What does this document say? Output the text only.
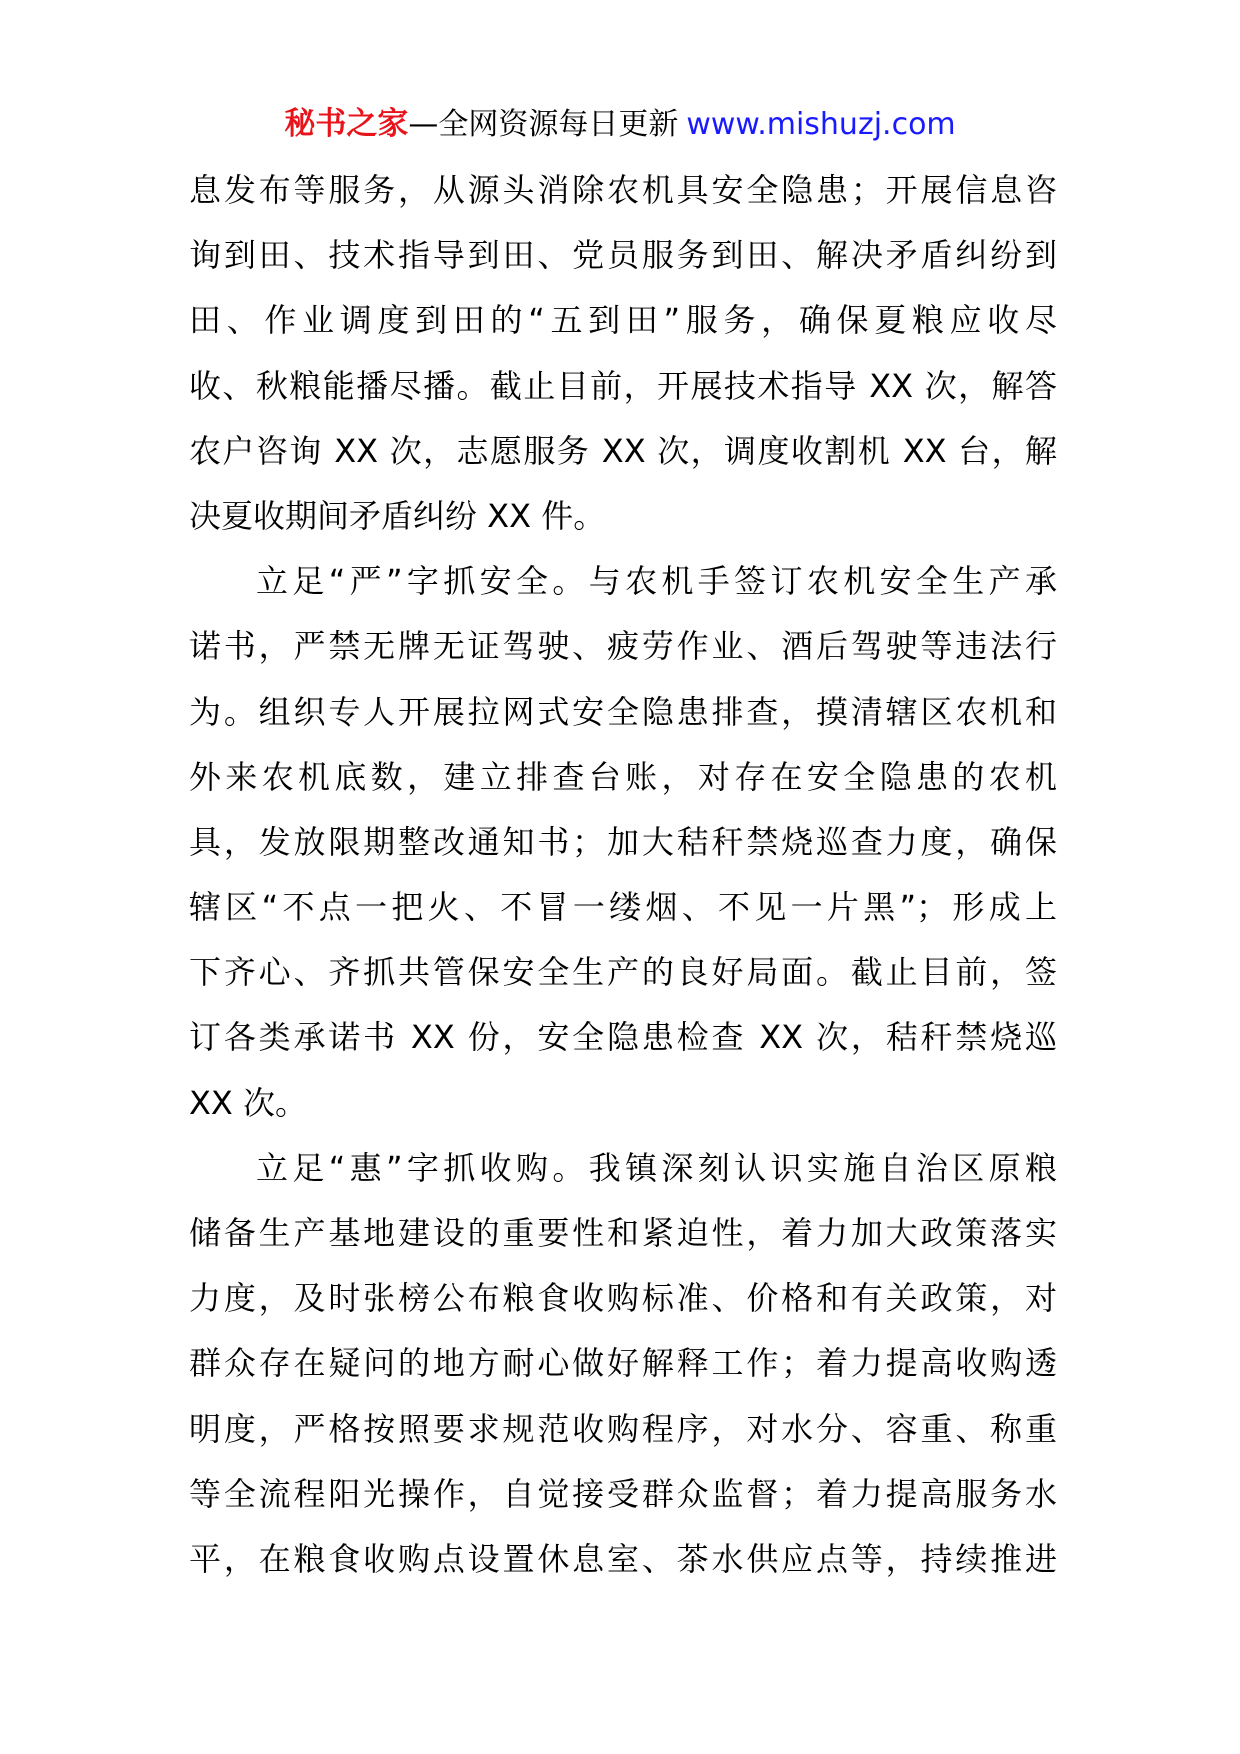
秘书之家—全网资源每日更新 www.mishuzj.com
息发布等服务，从源头消除农机具安全隐患；开展信息咨
询到田、技术指导到田、党员服务到田、解决矛盾纠纷到
田、作业调度到田的“五到田”服务，确保夏粮应收尽
收、秋粮能播尽播。截止目前，开展技术指导 XX 次，解答
农户咨询 XX 次，志愿服务 XX 次，调度收割机 XX 台，解
决夏收期间矛盾纠纷 XX 件。
立足“严”字抓安全。与农机手签订农机安全生产承
诺书，严禁无牌无证驾驶、疲劳作业、酒后驾驶等违法行
为。组织专人开展拉网式安全隐患排查，摸清辖区农机和
外来农机底数，建立排查台账，对存在安全隐患的农机
具，发放限期整改通知书；加大秸秆禁烧巡查力度，确保
辖区“不点一把火、不冒一缕烟、不见一片黑”；形成上
下齐心、齐抓共管保安全生产的良好局面。截止目前，签
订各类承诺书 XX 份，安全隐患检查 XX 次，秸秆禁烧巡
XX 次。
立足“惠”字抓收购。我镇深刻认识实施自治区原粮
储备生产基地建设的重要性和紧迫性，着力加大政策落实
力度，及时张榜公布粮食收购标准、价格和有关政策，对
群众存在疑问的地方耐心做好解释工作；着力提高收购透
明度，严格按照要求规范收购程序，对水分、容重、称重
等全流程阳光操作，自觉接受群众监督；着力提高服务水
平，在粮食收购点设置休息室、茶水供应点等，持续推进
